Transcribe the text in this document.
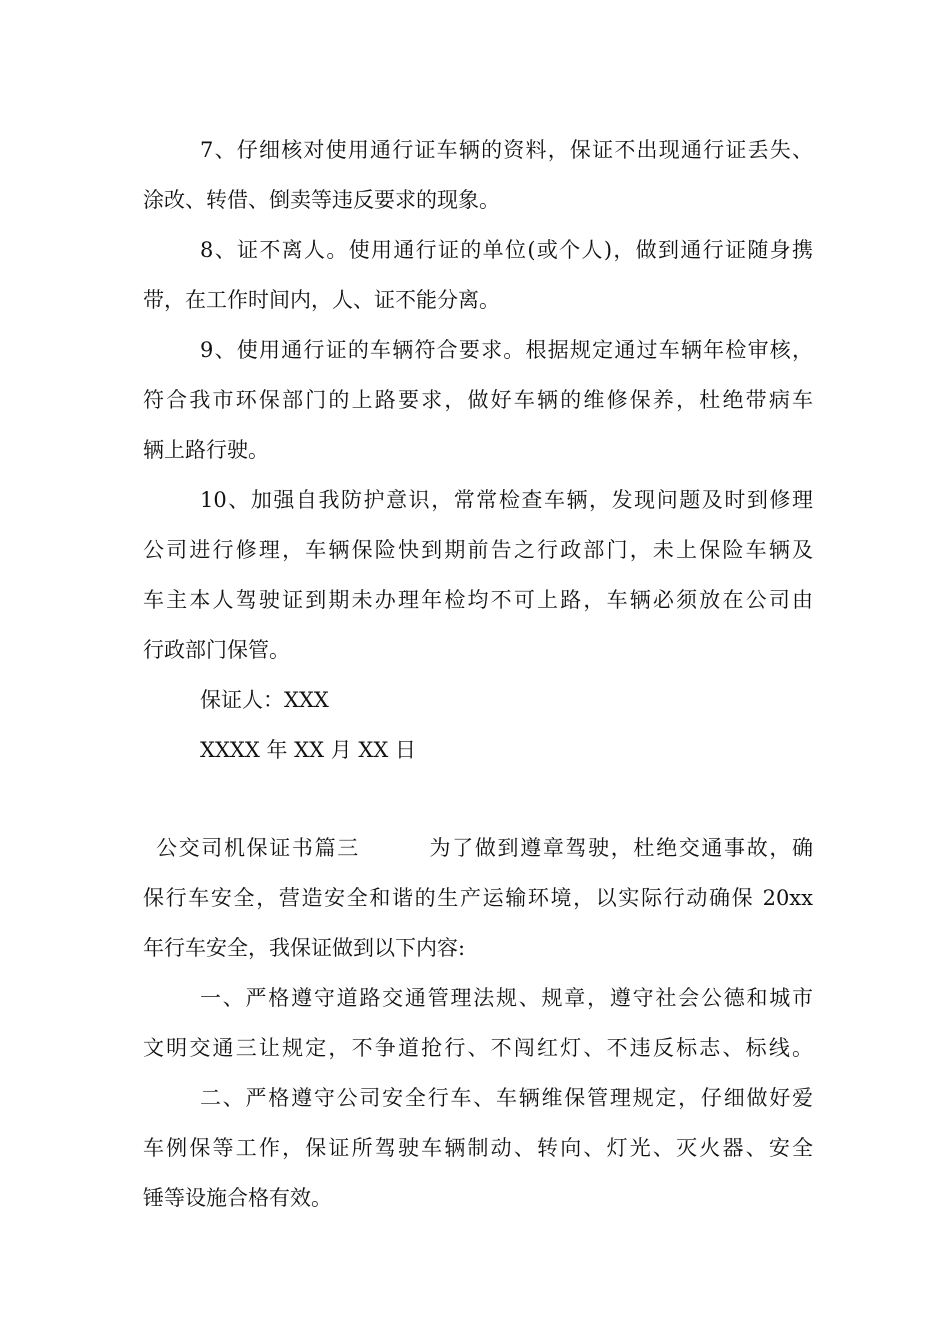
7、仔细核对使用通行证车辆的资料，保证不出现通行证丢失、
涂改、转借、倒卖等违反要求的现象。
8、证不离人。使用通行证的单位(或个人)，做到通行证随身携
带，在工作时间内，人、证不能分离。
9、使用通行证的车辆符合要求。根据规定通过车辆年检审核，
符合我市环保部门的上路要求，做好车辆的维修保养，杜绝带病车
辆上路行驶。
10、加强自我防护意识，常常检查车辆，发现问题及时到修理
公司进行修理，车辆保险快到期前告之行政部门，未上保险车辆及
车主本人驾驶证到期未办理年检均不可上路，车辆必须放在公司由
行政部门保管。
保证人：XXX
XXXX 年 XX 月 XX 日
公交司机保证书篇三	为了做到遵章驾驶，杜绝交通事故，确
保行车安全，营造安全和谐的生产运输环境，以实际行动确保 20xx
年行车安全，我保证做到以下内容:
一、严格遵守道路交通管理法规、规章，遵守社会公德和城市
文明交通三让规定，不争道抢行、不闯红灯、不违反标志、标线。
二、严格遵守公司安全行车、车辆维保管理规定，仔细做好爱
车例保等工作，保证所驾驶车辆制动、转向、灯光、灭火器、安全
锤等设施合格有效。
